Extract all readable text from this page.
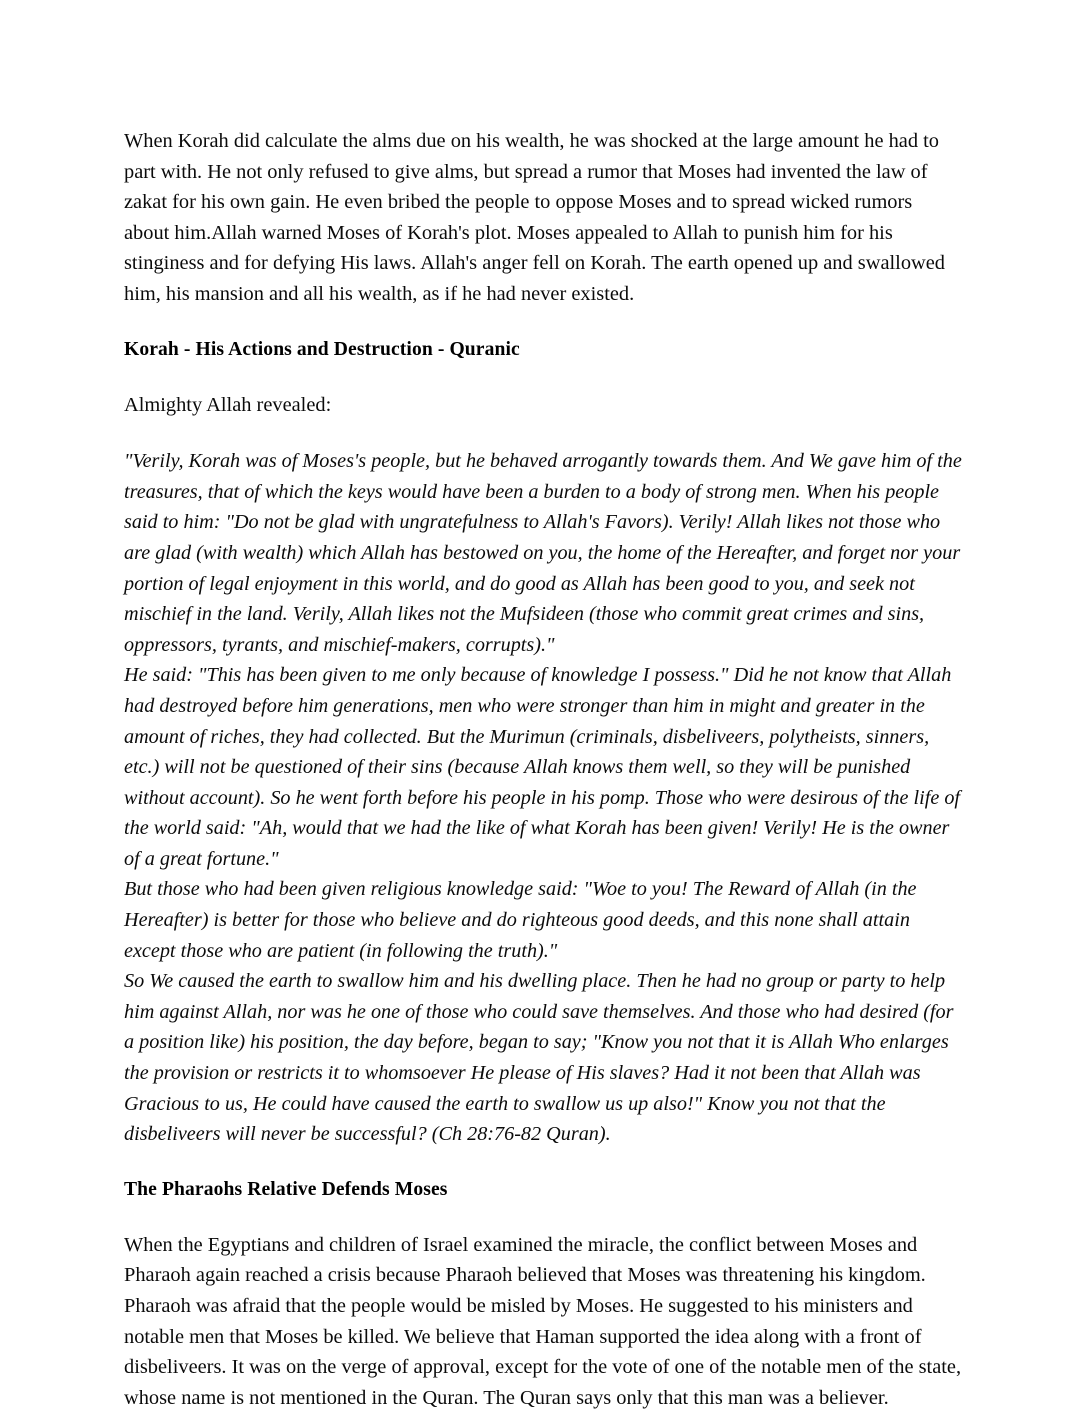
When Korah did calculate the alms due on his wealth, he was shocked at the large amount he had to part with. He not only refused to give alms, but spread a rumor that Moses had invented the law of zakat for his own gain. He even bribed the people to oppose Moses and to spread wicked rumors about him.Allah warned Moses of Korah's plot. Moses appealed to Allah to punish him for his stinginess and for defying His laws. Allah's anger fell on Korah. The earth opened up and swallowed him, his mansion and all his wealth, as if he had never existed.

Korah - His Actions and Destruction - Quranic

Almighty Allah revealed:

"Verily, Korah was of Moses's people, but he behaved arrogantly towards them. And We gave him of the treasures, that of which the keys would have been a burden to a body of strong men. When his people said to him: "Do not be glad with ungratefulness to Allah's Favors). Verily! Allah likes not those who are glad (with wealth) which Allah has bestowed on you, the home of the Hereafter, and forget nor your portion of legal enjoyment in this world, and do good as Allah has been good to you, and seek not mischief in the land. Verily, Allah likes not the Mufsideen (those who commit great crimes and sins, oppressors, tyrants, and mischief-makers, corrupts)."

He said: "This has been given to me only because of knowledge I possess." Did he not know that Allah had destroyed before him generations, men who were stronger than him in might and greater in the amount of riches, they had collected. But the Murimun (criminals, disbeliveers, polytheists, sinners, etc.) will not be questioned of their sins (because Allah knows them well, so they will be punished without account). So he went forth before his people in his pomp. Those who were desirous of the life of the world said: "Ah, would that we had the like of what Korah has been given! Verily! He is the owner of a great fortune."

But those who had been given religious knowledge said: "Woe to you! The Reward of Allah (in the Hereafter) is better for those who believe and do righteous good deeds, and this none shall attain except those who are patient (in following the truth)."

So We caused the earth to swallow him and his dwelling place. Then he had no group or party to help him against Allah, nor was he one of those who could save themselves. And those who had desired (for a position like) his position, the day before, began to say; "Know you not that it is Allah Who enlarges the provision or restricts it to whomsoever He please of His slaves? Had it not been that Allah was Gracious to us, He could have caused the earth to swallow us up also!" Know you not that the disbeliveers will never be successful? (Ch 28:76-82 Quran).

The Pharaohs Relative Defends Moses

When the Egyptians and children of Israel examined the miracle, the conflict between Moses and Pharaoh again reached a crisis because Pharaoh believed that Moses was threatening his kingdom. Pharaoh was afraid that the people would be misled by Moses. He suggested to his ministers and notable men that Moses be killed. We believe that Haman supported the idea along with a front of disbeliveers. It was on the verge of approval, except for the vote of one of the notable men of the state, whose name is not mentioned in the Quran. The Quran says only that this man was a believer.
